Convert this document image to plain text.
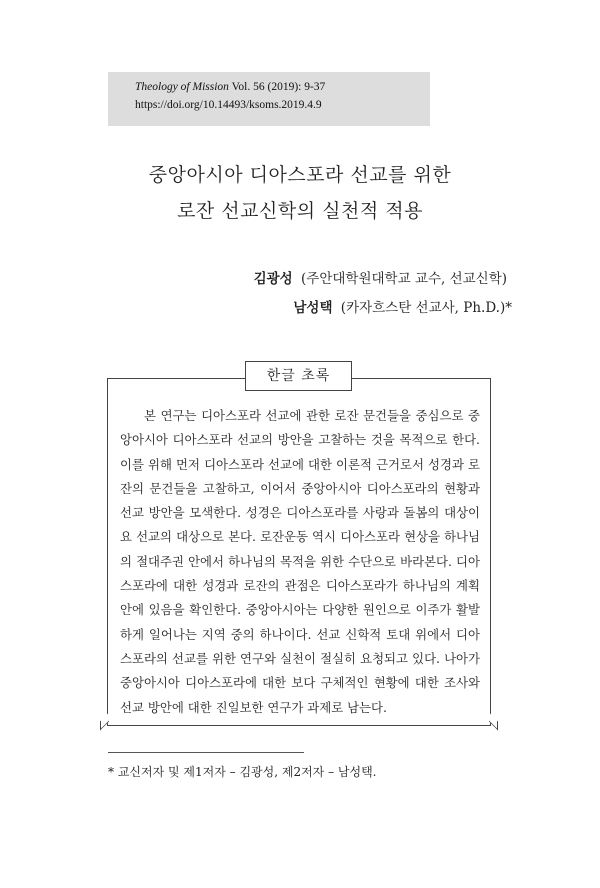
Theology of Mission Vol. 56 (2019): 9-37
https://doi.org/10.14493/ksoms.2019.4.9
중앙아시아 디아스포라 선교를 위한
로잔 선교신학의 실천적 적용
김광성 (주안대학원대학교 교수, 선교신학)
남성택 (카자흐스탄 선교사, Ph.D.)*
한글 초록

본 연구는 디아스포라 선교에 관한 로잔 문건들을 중심으로 중앙아시아 디아스포라 선교의 방안을 고찰하는 것을 목적으로 한다. 이를 위해 먼저 디아스포라 선교에 대한 이론적 근거로서 성경과 로잔의 문건들을 고찰하고, 이어서 중앙아시아 디아스포라의 현황과 선교 방안을 모색한다. 성경은 디아스포라를 사랑과 돌봄의 대상이요 선교의 대상으로 본다. 로잔운동 역시 디아스포라 현상을 하나님의 절대주권 안에서 하나님의 목적을 위한 수단으로 바라본다. 디아스포라에 대한 성경과 로잔의 관점은 디아스포라가 하나님의 계획안에 있음을 확인한다. 중앙아시아는 다양한 원인으로 이주가 활발하게 일어나는 지역 중의 하나이다. 선교 신학적 토대 위에서 디아스포라의 선교를 위한 연구와 실천이 절실히 요청되고 있다. 나아가 중앙아시아 디아스포라에 대한 보다 구체적인 현황에 대한 조사와 선교 방안에 대한 진일보한 연구가 과제로 남는다.

* 교신저자 및 제1저자 – 김광성, 제2저자 – 남성택.
